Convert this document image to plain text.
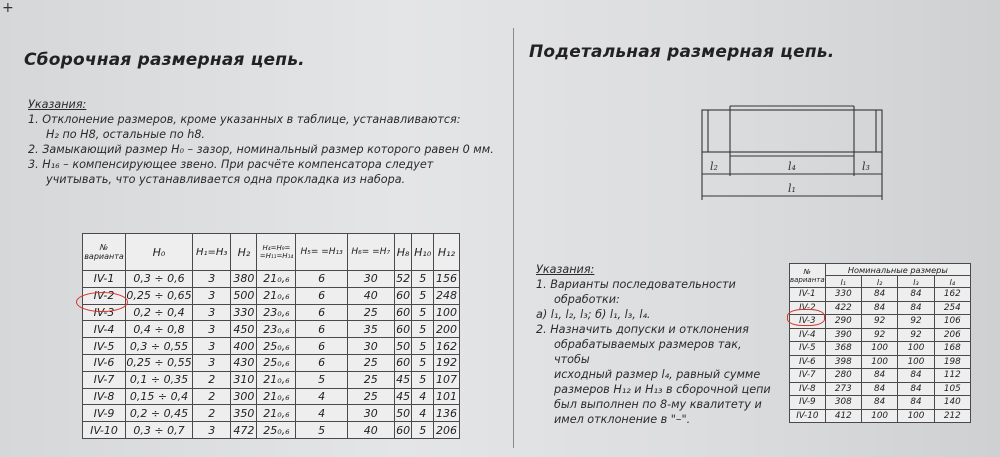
+
Сборочная размерная цепь.

Указания:

1. Отклонение размеров, кроме указанных в таблице, устанавливаются:

H₂ по H8, остальные по h8.

2. Замыкающий размер H₀ – зазор, номинальный размер которого равен 0 мм.

3. H₁₆ – компенсирующее звено. При расчёте компенсатора следует

учитывать, что устанавливается одна прокладка из набора.

№ варианта	H₀	H₁=H₃	H₂	H₄=H₉= =H₁₁=H₁₄	H₅= =H₁₃	H₆= =H₇	H₈	H₁₀	H₁₂
IV-1	0,3 ÷ 0,6	3	380	21₀,₆	6	30	52	5	156
IV-2	0,25 ÷ 0,65	3	500	21₀,₆	6	40	60	5	248
IV-3	0,2 ÷ 0,4	3	330	23₀,₆	6	25	60	5	100
IV-4	0,4 ÷ 0,8	3	450	23₀,₆	6	35	60	5	200
IV-5	0,3 ÷ 0,55	3	400	25₀,₆	6	30	50	5	162
IV-6	0,25 ÷ 0,55	3	430	25₀,₆	6	25	60	5	192
IV-7	0,1 ÷ 0,35	2	310	21₀,₆	5	25	45	5	107
IV-8	0,15 ÷ 0,4	2	300	21₀,₆	4	25	45	4	101
IV-9	0,2 ÷ 0,45	2	350	21₀,₆	4	30	50	4	136
IV-10	0,3 ÷ 0,7	3	472	25₀,₆	5	40	60	5	206
Подетальная размерная цепь.
l₂	l₄	l₃
l₁

Указания:

1. Варианты последовательности

обработки:

а) l₁, l₂, l₃; б) l₁, l₃, l₄.

2. Назначить допуски и отклонения

обрабатываемых размеров так, чтобы

исходный размер l₄, равный сумме

размеров H₁₂ и H₁₃ в сборочной цепи

был выполнен по 8-му квалитету и

имел отклонение в "–".

№ варианта	Номинальные размеры			
	l₁	l₂	l₃	l₄
IV-1	330	84	84	162
IV-2	422	84	84	254
IV-3	290	92	92	106
IV-4	390	92	92	206
IV-5	368	100	100	168
IV-6	398	100	100	198
IV-7	280	84	84	112
IV-8	273	84	84	105
IV-9	308	84	84	140
IV-10	412	100	100	212
